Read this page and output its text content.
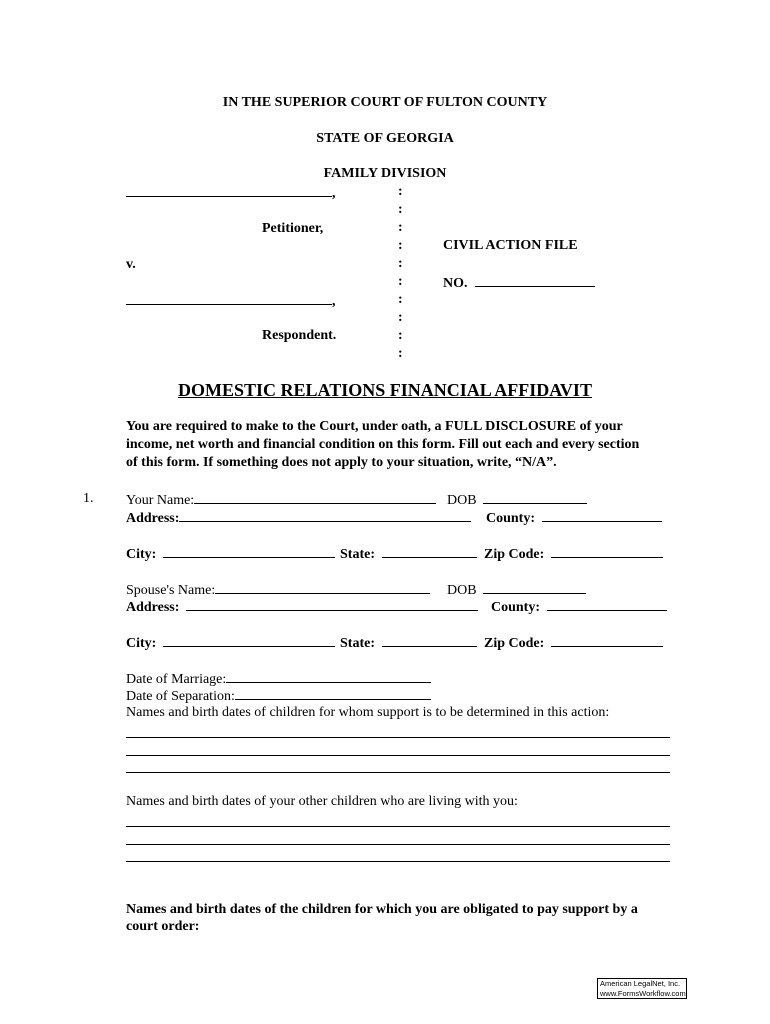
IN THE SUPERIOR COURT OF FULTON COUNTY
STATE OF GEORGIA
FAMILY DIVISION
,
Petitioner,
v.
,
Respondent.
:
:
:
:
:
:
:
:
:
:
CIVIL ACTION FILE
NO.
DOMESTIC RELATIONS FINANCIAL AFFIDAVIT
You are required to make to the Court, under oath, a FULL DISCLOSURE of your
income, net worth and financial condition on this form. Fill out each and every section
of this form. If something does not apply to your situation, write, “N/A”.
1. Your Name:	DOB
Address:	County:
City:	State:	Zip Code:
Spouse's Name:	DOB
Address:	County:
City:	State:	Zip Code:
Date of Marriage:
Date of Separation:
Names and birth dates of children for whom support is to be determined in this action:
Names and birth dates of your other children who are living with you:
Names and birth dates of the children for which you are obligated to pay support by a
court order:
American LegalNet, Inc.
www.FormsWorkflow.com
